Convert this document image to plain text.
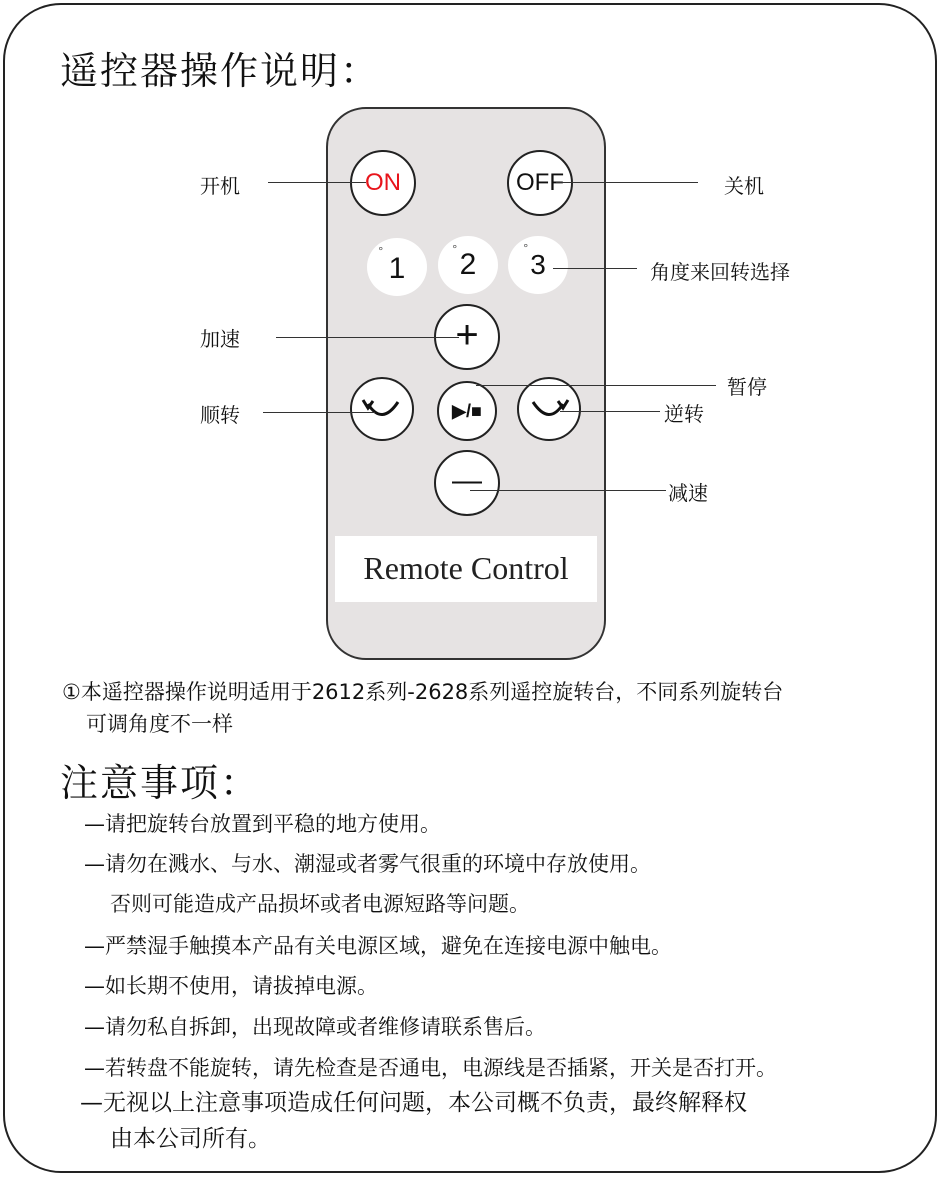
遥控器操作说明：
ON	OFF
1
°	2
°	3
°
+
▶/■
—
Remote Control
开机	关机
角度来回转选择
加速
暂停
顺转	逆转
减速
①本遥控器操作说明适用于2612系列-2628系列遥控旋转台，不同系列旋转台
可调角度不一样
注意事项：
—请把旋转台放置到平稳的地方使用。
—请勿在溅水、与水、潮湿或者雾气很重的环境中存放使用。
否则可能造成产品损坏或者电源短路等问题。
—严禁湿手触摸本产品有关电源区域，避免在连接电源中触电。
—如长期不使用，请拔掉电源。
—请勿私自拆卸，出现故障或者维修请联系售后。
—若转盘不能旋转，请先检查是否通电，电源线是否插紧，开关是否打开。
—无视以上注意事项造成任何问题，本公司概不负责，最终解释权
由本公司所有。
